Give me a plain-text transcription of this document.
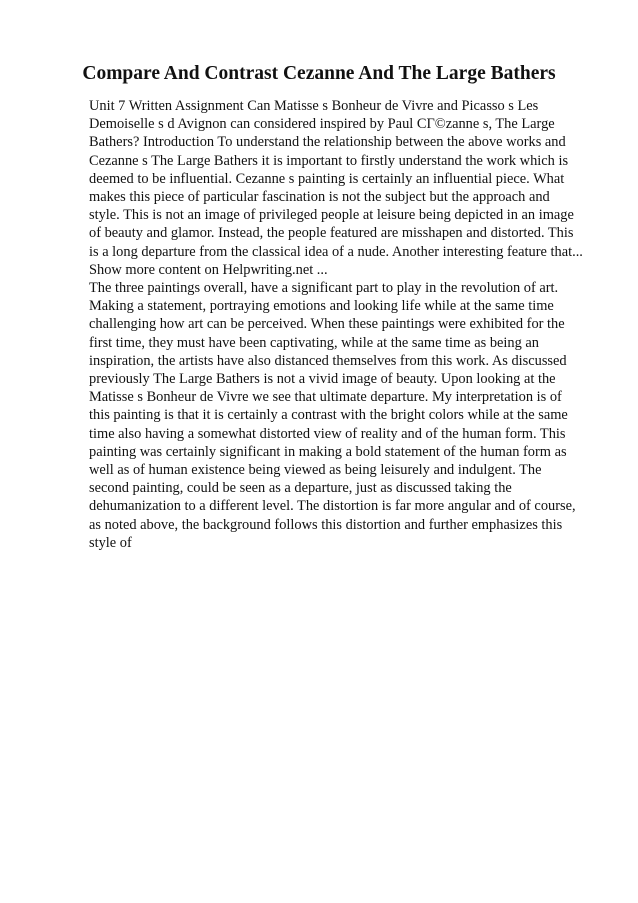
Compare And Contrast Cezanne And The Large Bathers
Unit 7 Written Assignment Can Matisse s Bonheur de Vivre and Picasso s Les
Demoiselle s d Avignon can considered inspired by Paul CГ©zanne s, The Large
Bathers? Introduction To understand the relationship between the above works and
Cezanne s The Large Bathers it is important to firstly understand the work which is
deemed to be influential. Cezanne s painting is certainly an influential piece. What
makes this piece of particular fascination is not the subject but the approach and
style. This is not an image of privileged people at leisure being depicted in an image
of beauty and glamor. Instead, the people featured are misshapen and distorted. This
is a long departure from the classical idea of a nude. Another interesting feature that...
Show more content on Helpwriting.net ...
The three paintings overall, have a significant part to play in the revolution of art.
Making a statement, portraying emotions and looking life while at the same time
challenging how art can be perceived. When these paintings were exhibited for the
first time, they must have been captivating, while at the same time as being an
inspiration, the artists have also distanced themselves from this work. As discussed
previously The Large Bathers is not a vivid image of beauty. Upon looking at the
Matisse s Bonheur de Vivre we see that ultimate departure. My interpretation is of
this painting is that it is certainly a contrast with the bright colors while at the same
time also having a somewhat distorted view of reality and of the human form. This
painting was certainly significant in making a bold statement of the human form as
well as of human existence being viewed as being leisurely and indulgent. The
second painting, could be seen as a departure, just as discussed taking the
dehumanization to a different level. The distortion is far more angular and of course,
as noted above, the background follows this distortion and further emphasizes this
style of
